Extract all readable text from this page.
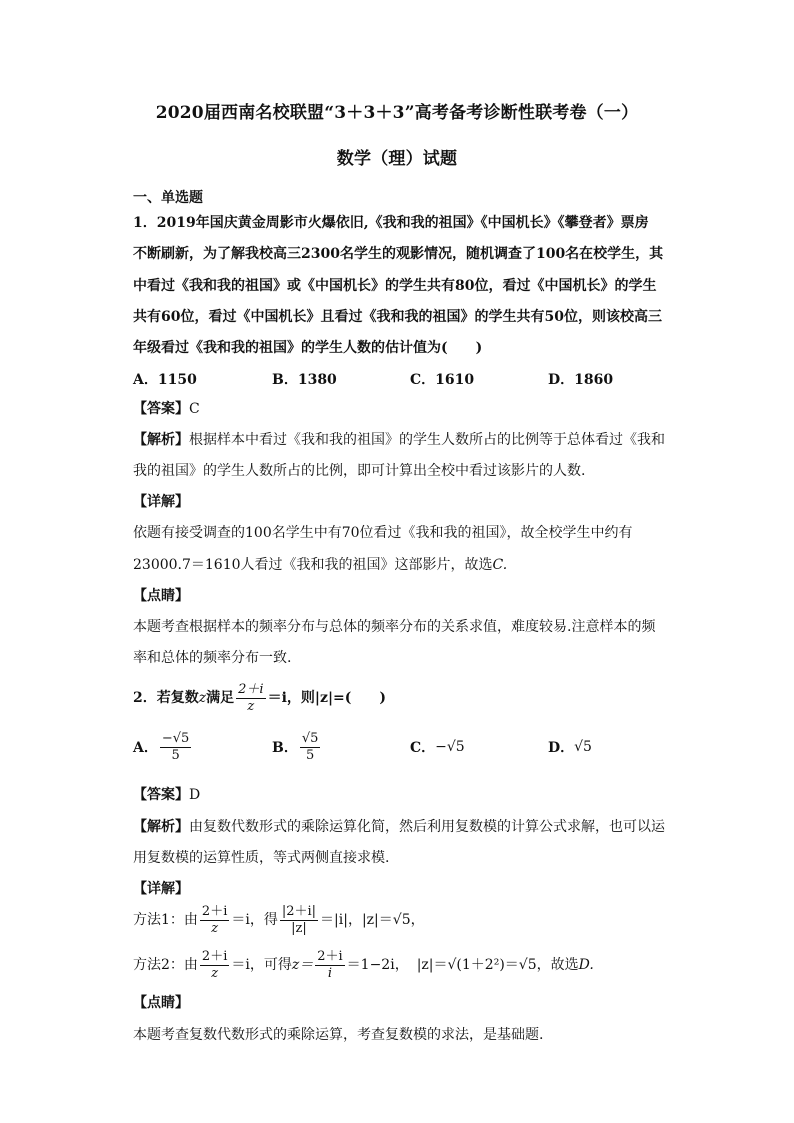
2020届西南名校联盟“3＋3＋3”高考备考诊断性联考卷（一）
数学（理）试题
一、单选题
1．2019年国庆黄金周影市火爆依旧,《我和我的祖国》《中国机长》《攀登者》票房
不断刷新，为了解我校高三2300名学生的观影情况，随机调查了100名在校学生，其
中看过《我和我的祖国》或《中国机长》的学生共有80位，看过《中国机长》的学生
共有60位，看过《中国机长》且看过《我和我的祖国》的学生共有50位，则该校高三
年级看过《我和我的祖国》的学生人数的估计值为(　　)
A．1150	B．1380	C．1610	D．1860
【答案】C
【解析】根据样本中看过《我和我的祖国》的学生人数所占的比例等于总体看过《我和
我的祖国》的学生人数所占的比例，即可计算出全校中看过该影片的人数.
【详解】
依题有接受调查的100名学生中有70位看过《我和我的祖国》，故全校学生中约有
23000.7＝1610人看过《我和我的祖国》这部影片，故选C.
【点睛】
本题考查根据样本的频率分布与总体的频率分布的关系求值，难度较易.注意样本的频
率和总体的频率分布一致.
2．若复数 z 满足 $\frac{2+i}{z} =i$，则|z|=(　　)
A． $\frac{-√5}{5}$	B． $\frac{√5}{5}$	C． −√5	D． √5
【答案】D
【解析】由复数代数形式的乘除运算化简，然后利用复数模的计算公式求解，也可以运
用复数模的运算性质，等式两侧直接求模.
【详解】
方法1：由 $\frac{2+i}{z} =i$，得 $\frac{|2+i|}{|z|} =|i|$，|z|＝√5，
方法2：由 $\frac{2+i}{z} =i$，可得 $z= \frac{2+i}{i} =1-2i$， |z|＝√(1＋2²)＝√5，故选 D.
【点睛】
本题考查复数代数形式的乘除运算，考查复数模的求法，是基础题.
